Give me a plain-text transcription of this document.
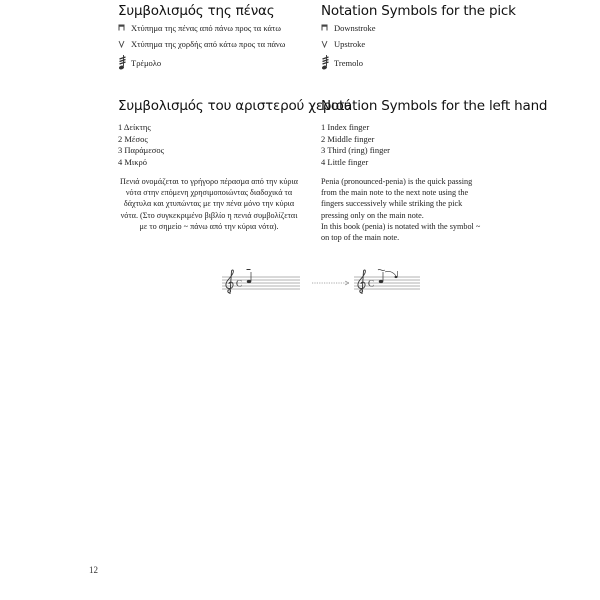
Συμβολισμός της πένας
Χτύπημα της πένας από πάνω προς τα κάτω
Χτύπημα της χορδής από κάτω προς τα πάνω
Τρέμολο
Συμβολισμός του αριστερού χεριού
1 Δείκτης
2 Μέσος
3 Παράμεσος
4 Μικρό

Πενιά ονομάζεται το γρήγορο πέρασμα από την κύρια νότα στην επόμενη χρησιμοποιώντας διαδοχικά τα δάχτυλα και χτυπώντας με την πένα μόνο την κύρια νότα. (Στο συγκεκριμένο βιβλίο η πενιά συμβολίζεται με το σημείο ~ πάνω από την κύρια νότα).

Notation Symbols for the pick
Downstroke
Upstroke
Tremolo
Notation Symbols for the left hand
1 Index finger
2 Middle finger
3 Third (ring) finger
4 Little finger
Penia (pronounced-penia) is the quick passing
from the main note to the next note using the
fingers successively while striking the pick
pressing only on the main note.
In this book (penia) is notated with the symbol ~
on top of the main note.
C	C
12
